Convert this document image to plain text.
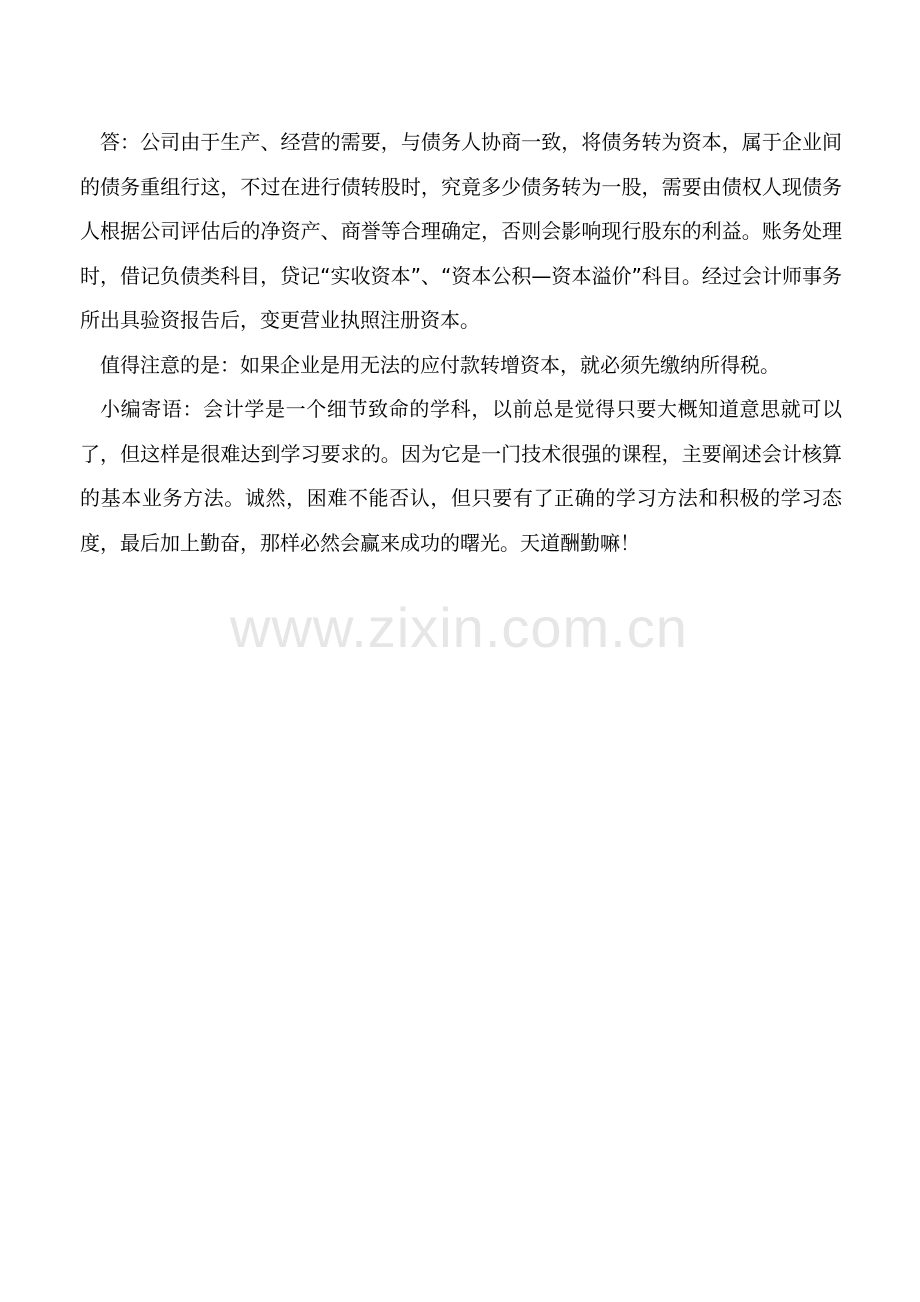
www.zixin.com.cn

答：公司由于生产、经营的需要，与债务人协商一致，将债务转为资本，属于企业间的债务重组行这，不过在进行债转股时，究竟多少债务转为一股，需要由债权人现债务人根据公司评估后的净资产、商誉等合理确定，否则会影响现行股东的利益。账务处理时，借记负债类科目，贷记“实收资本”、“资本公积—资本溢价”科目。经过会计师事务所出具验资报告后，变更营业执照注册资本。

值得注意的是：如果企业是用无法的应付款转增资本，就必须先缴纳所得税。

小编寄语：会计学是一个细节致命的学科，以前总是觉得只要大概知道意思就可以了，但这样是很难达到学习要求的。因为它是一门技术很强的课程，主要阐述会计核算的基本业务方法。诚然，困难不能否认，但只要有了正确的学习方法和积极的学习态度，最后加上勤奋，那样必然会赢来成功的曙光。天道酬勤嘛！
